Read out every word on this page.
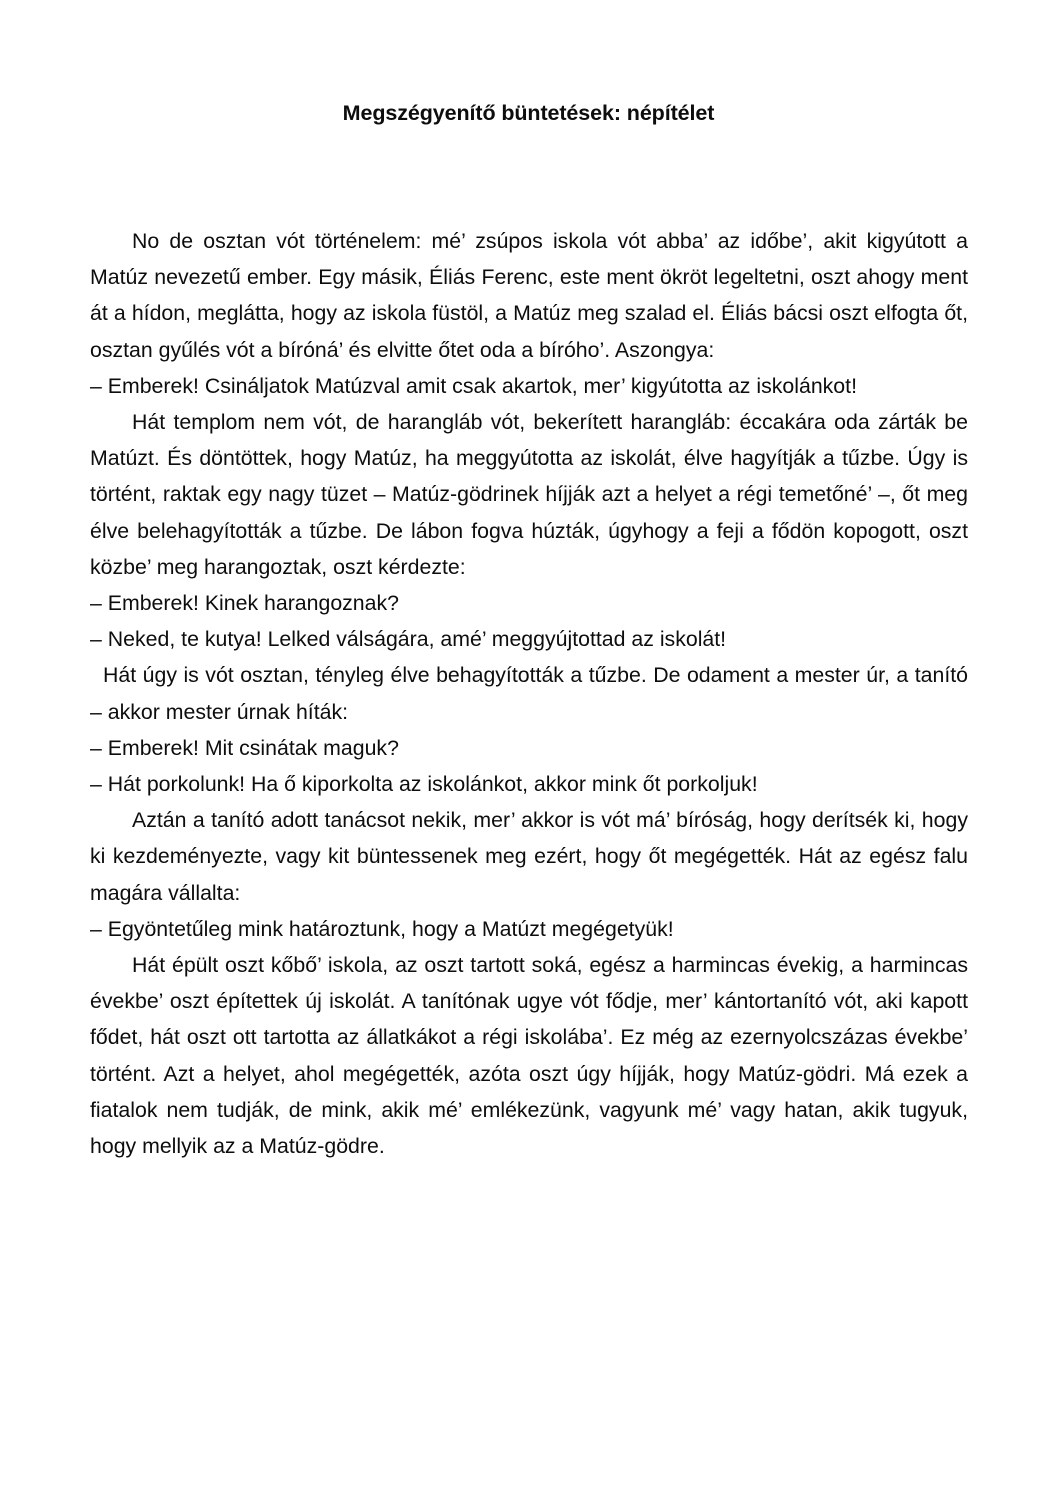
Megszégyenítő büntetések: népítélet

No de osztan vót történelem: mé’ zsúpos iskola vót abba’ az időbe’, akit kigyútott a Matúz nevezetű ember. Egy másik, Éliás Ferenc, este ment ökröt legeltetni, oszt ahogy ment át a hídon, meglátta, hogy az iskola füstöl, a Matúz meg szalad el. Éliás bácsi oszt elfogta őt, osztan gyűlés vót a bíróná’ és elvitte őtet oda a bíróho’. Aszongya:

– Emberek! Csináljatok Matúzval amit csak akartok, mer’ kigyútotta az iskolánkot!

Hát templom nem vót, de harangláb vót, bekerített harangláb: éccakára oda zárták be Matúzt. És döntöttek, hogy Matúz, ha meggyútotta az iskolát, élve hagyítják a tűzbe. Úgy is történt, raktak egy nagy tüzet – Matúz-gödrinek híjják azt a helyet a régi temetőné’ –, őt meg élve belehagyították a tűzbe. De lábon fogva húzták, úgyhogy a feji a fődön kopogott, oszt közbe’ meg harangoztak, oszt kérdezte:

– Emberek! Kinek harangoznak?

– Neked, te kutya! Lelked válságára, amé’ meggyújtottad az iskolát!

Hát úgy is vót osztan, tényleg élve behagyították a tűzbe. De odament a mester úr, a tanító – akkor mester úrnak híták:

– Emberek! Mit csinátak maguk?

– Hát porkolunk! Ha ő kiporkolta az iskolánkot, akkor mink őt porkoljuk!

Aztán a tanító adott tanácsot nekik, mer’ akkor is vót má’ bíróság, hogy derítsék ki, hogy ki kezdeményezte, vagy kit büntessenek meg ezért, hogy őt megégették. Hát az egész falu magára vállalta:

– Egyöntetűleg mink határoztunk, hogy a Matúzt megégetyük!

Hát épült oszt kőbő’ iskola, az oszt tartott soká, egész a harmincas évekig, a harmincas évekbe’ oszt építettek új iskolát. A tanítónak ugye vót fődje, mer’ kántortanító vót, aki kapott fődet, hát oszt ott tartotta az állatkákot a régi iskolába’. Ez még az ezernyolcszázas évekbe’ történt. Azt a helyet, ahol megégették, azóta oszt úgy híjják, hogy Matúz-gödri. Má ezek a fiatalok nem tudják, de mink, akik mé’ emlékezünk, vagyunk mé’ vagy hatan, akik tugyuk, hogy mellyik az a Matúz-gödre.
